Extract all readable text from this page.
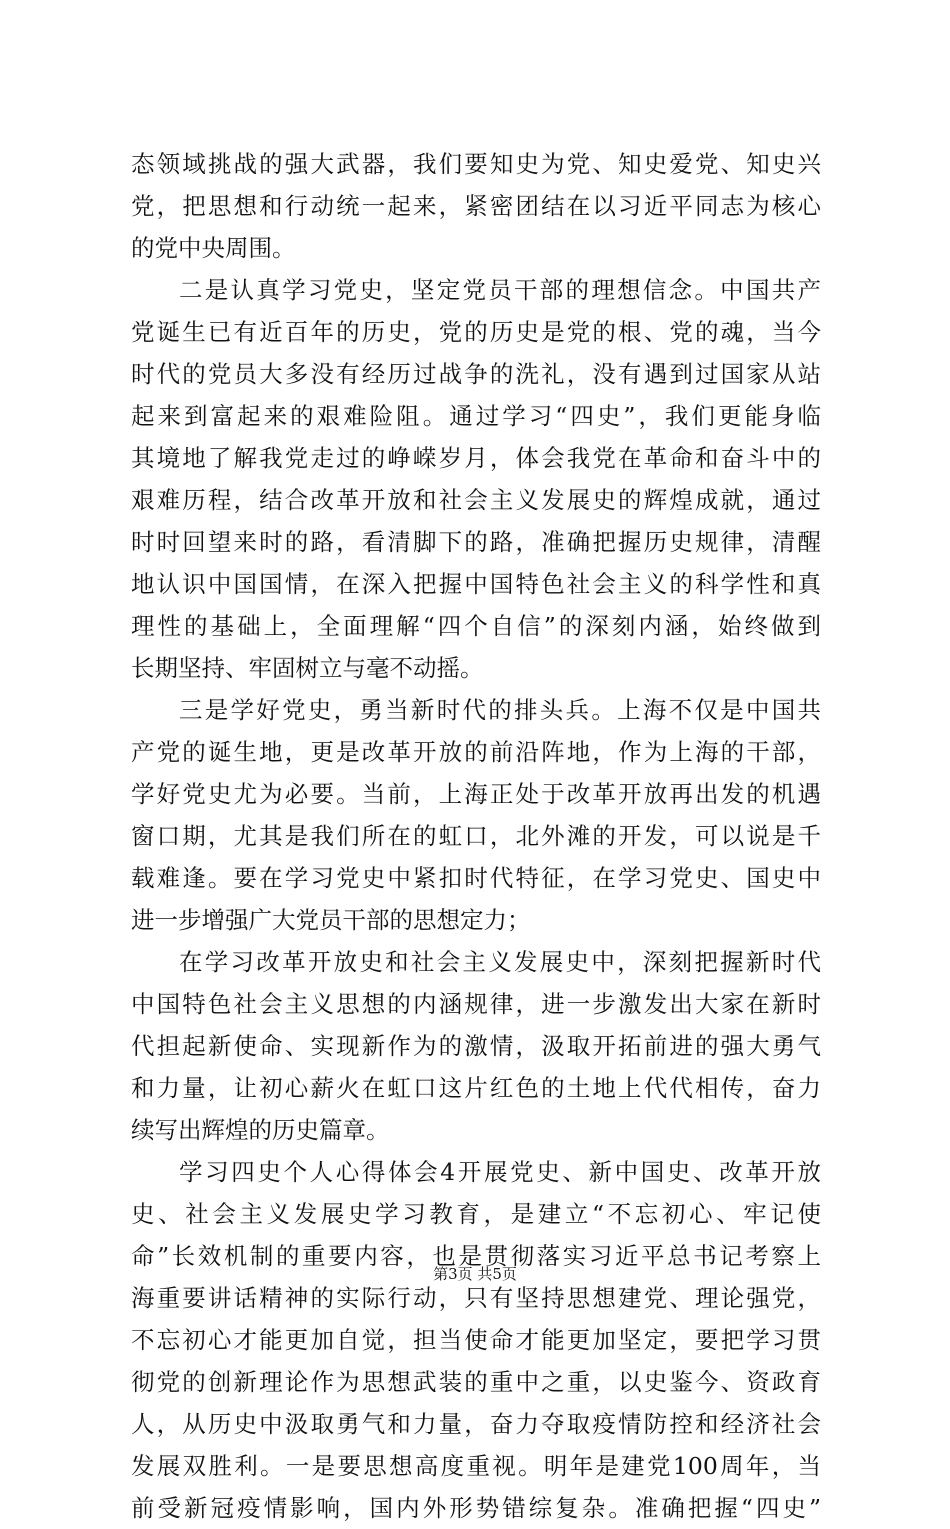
态领域挑战的强大武器，我们要知史为党、知史爱党、知史兴
党，把思想和行动统一起来，紧密团结在以习近平同志为核心
的党中央周围。
二是认真学习党史，坚定党员干部的理想信念。中国共产
党诞生已有近百年的历史，党的历史是党的根、党的魂，当今
时代的党员大多没有经历过战争的洗礼，没有遇到过国家从站
起来到富起来的艰难险阻。通过学习“四史”，我们更能身临
其境地了解我党走过的峥嵘岁月，体会我党在革命和奋斗中的
艰难历程，结合改革开放和社会主义发展史的辉煌成就，通过
时时回望来时的路，看清脚下的路，准确把握历史规律，清醒
地认识中国国情，在深入把握中国特色社会主义的科学性和真
理性的基础上，全面理解“四个自信”的深刻内涵，始终做到
长期坚持、牢固树立与毫不动摇。
三是学好党史，勇当新时代的排头兵。上海不仅是中国共
产党的诞生地，更是改革开放的前沿阵地，作为上海的干部，
学好党史尤为必要。当前，上海正处于改革开放再出发的机遇
窗口期，尤其是我们所在的虹口，北外滩的开发，可以说是千
载难逢。要在学习党史中紧扣时代特征，在学习党史、国史中
进一步增强广大党员干部的思想定力；
在学习改革开放史和社会主义发展史中，深刻把握新时代
中国特色社会主义思想的内涵规律，进一步激发出大家在新时
代担起新使命、实现新作为的激情，汲取开拓前进的强大勇气
和力量，让初心薪火在虹口这片红色的土地上代代相传，奋力
续写出辉煌的历史篇章。
学习四史个人心得体会4开展党史、新中国史、改革开放
史、社会主义发展史学习教育，是建立“不忘初心、牢记使
命”长效机制的重要内容，也是贯彻落实习近平总书记考察上
海重要讲话精神的实际行动，只有坚持思想建党、理论强党，
不忘初心才能更加自觉，担当使命才能更加坚定，要把学习贯
彻党的创新理论作为思想武装的重中之重，以史鉴今、资政育
人，从历史中汲取勇气和力量，奋力夺取疫情防控和经济社会
发展双胜利。一是要思想高度重视。明年是建党100周年，当
前受新冠疫情影响，国内外形势错综复杂。准确把握“四史”
第3页 共5页
